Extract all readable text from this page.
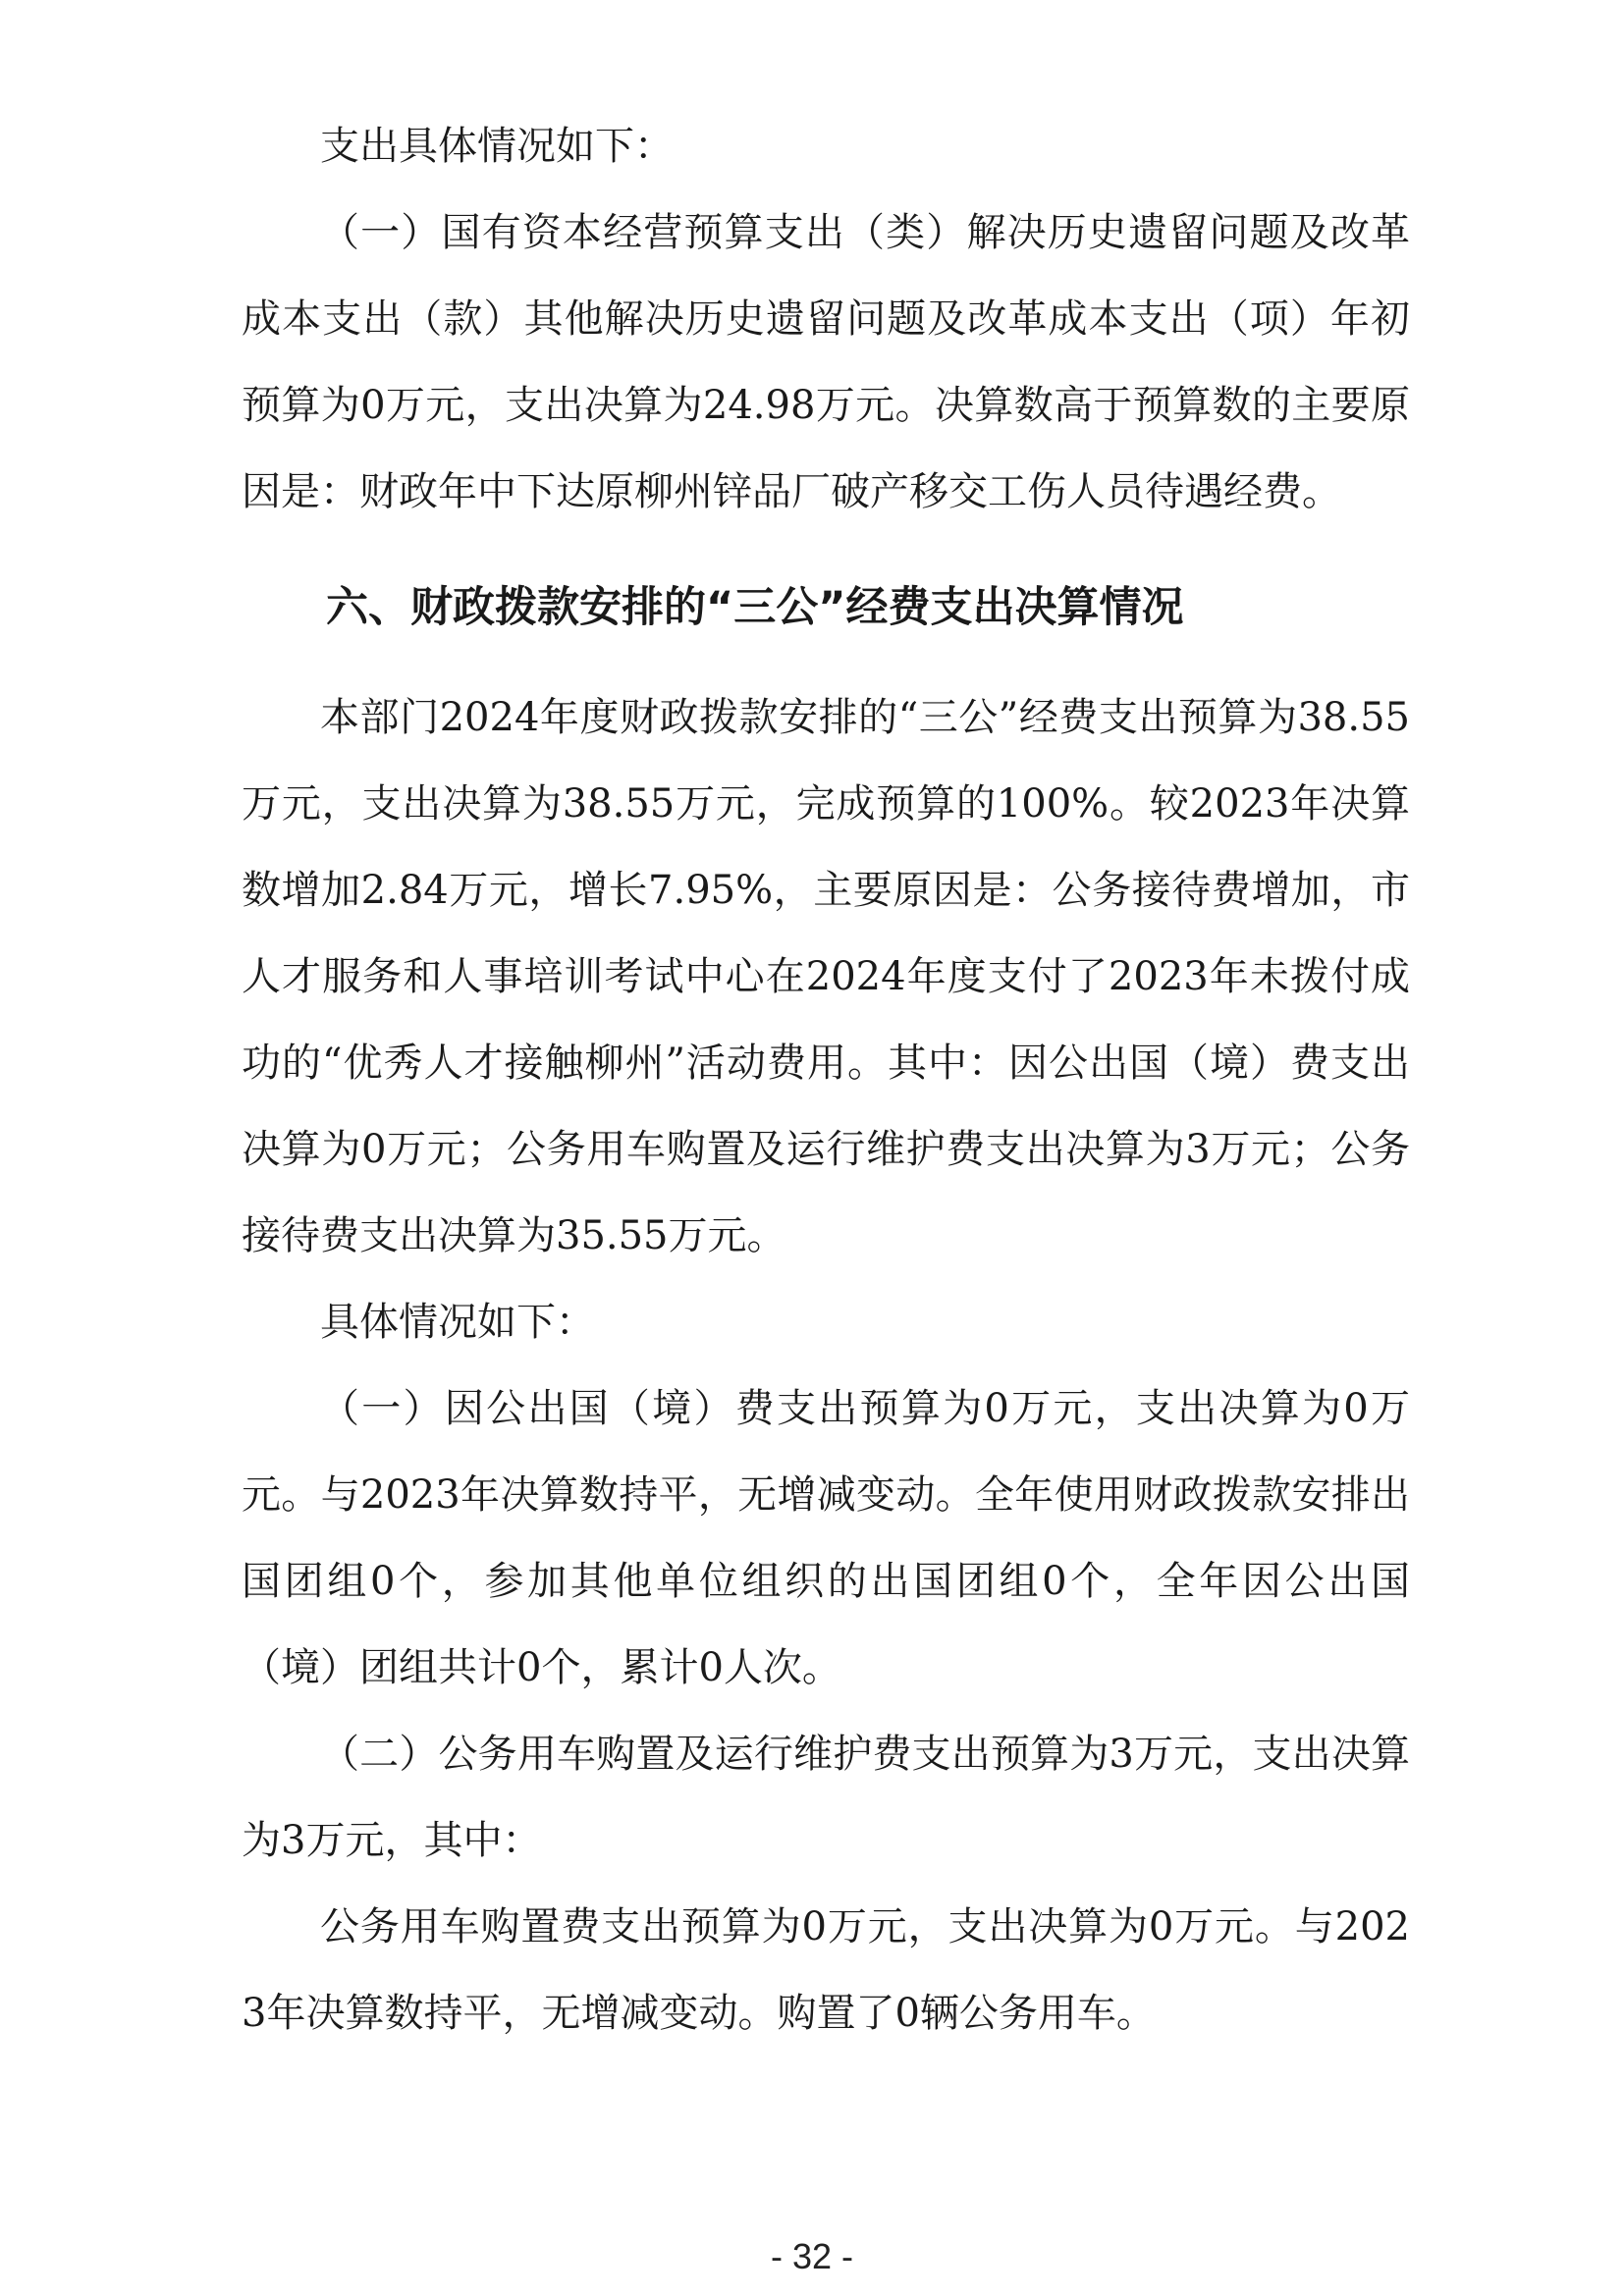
支出具体情况如下：

（一）国有资本经营预算支出（类）解决历史遗留问题及改革成本支出（款）其他解决历史遗留问题及改革成本支出（项）年初预算为0万元，支出决算为24.98万元。决算数高于预算数的主要原因是：财政年中下达原柳州锌品厂破产移交工伤人员待遇经费。

六、财政拨款安排的“三公”经费支出决算情况

本部门2024年度财政拨款安排的“三公”经费支出预算为38.55万元，支出决算为38.55万元，完成预算的100%。较2023年决算数增加2.84万元，增长7.95%，主要原因是：公务接待费增加，市人才服务和人事培训考试中心在2024年度支付了2023年未拨付成功的“优秀人才接触柳州”活动费用。其中：因公出国（境）费支出决算为0万元；公务用车购置及运行维护费支出决算为3万元；公务接待费支出决算为35.55万元。

具体情况如下：

（一）因公出国（境）费支出预算为0万元，支出决算为0万元。与2023年决算数持平，无增减变动。全年使用财政拨款安排出国团组0个，参加其他单位组织的出国团组0个，全年因公出国（境）团组共计0个，累计0人次。

（二）公务用车购置及运行维护费支出预算为3万元，支出决算为3万元，其中：

公务用车购置费支出预算为0万元，支出决算为0万元。与2023年决算数持平，无增减变动。购置了0辆公务用车。

- 32 -
